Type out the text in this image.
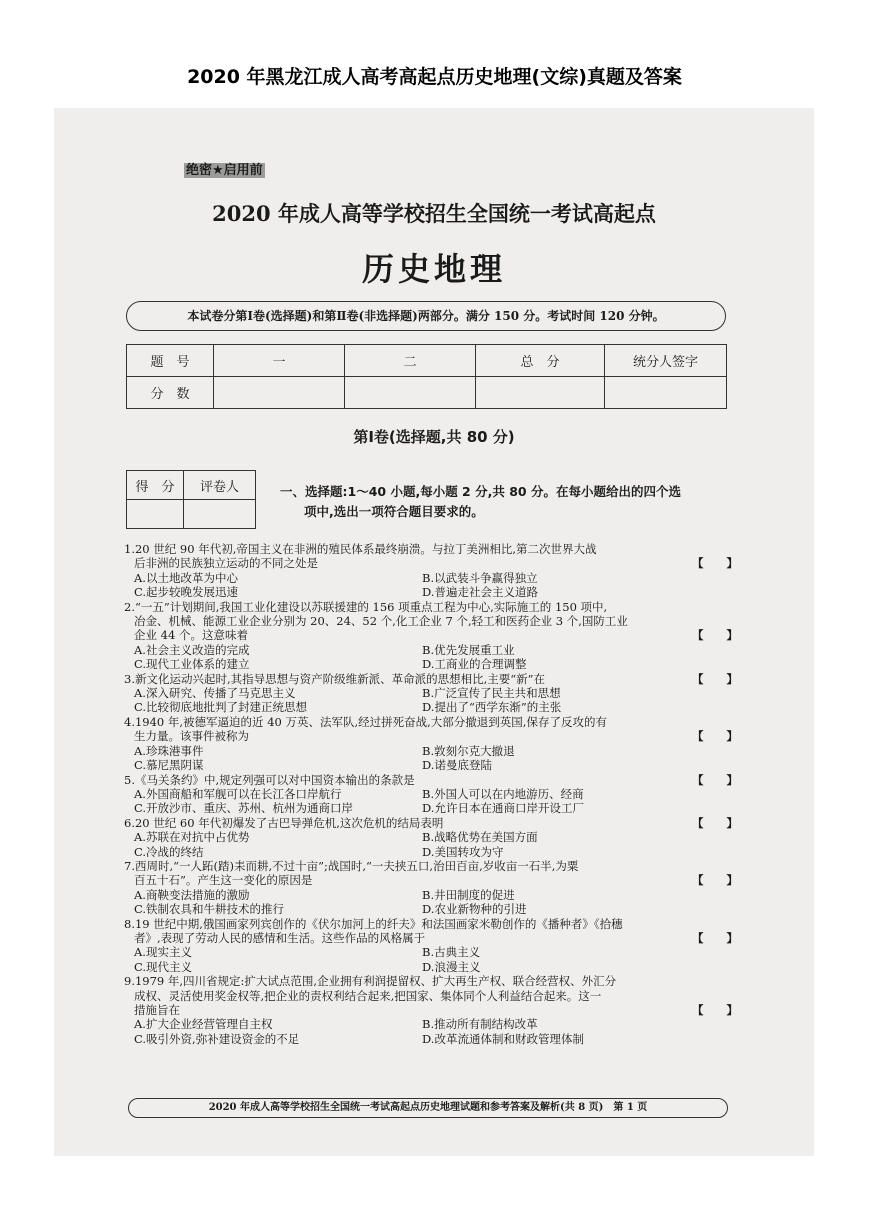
2020 年黑龙江成人高考高起点历史地理(文综)真题及答案
绝密★启用前
2020 年成人高等学校招生全国统一考试高起点
历史地理
本试卷分第Ⅰ卷(选择题)和第Ⅱ卷(非选择题)两部分。满分 150 分。考试时间 120 分钟。
题　号	一	二	总　分	统分人签字
分　数				
第Ⅰ卷(选择题,共 80 分)
得　分	评卷人
		一、选择题:1～40 小题,每小题 2 分,共 80 分。在每小题给出的四个选
项中,选出一项符合题目要求的。
1.20 世纪 90 年代初,帝国主义在非洲的殖民体系最终崩溃。与拉丁美洲相比,第二次世界大战
后非洲的民族独立运动的不同之处是	【　　】
A.以土地改革为中心	B.以武装斗争赢得独立
C.起步较晚发展迅速	D.普遍走社会主义道路
2.“一五”计划期间,我国工业化建设以苏联援建的 156 项重点工程为中心,实际施工的 150 项中,
冶金、机械、能源工业企业分别为 20、24、52 个,化工企业 7 个,轻工和医药企业 3 个,国防工业
企业 44 个。这意味着	【　　】
A.社会主义改造的完成	B.优先发展重工业
C.现代工业体系的建立	D.工商业的合理调整
3.新文化运动兴起时,其指导思想与资产阶级维新派、革命派的思想相比,主要“新”在	【　　】
A.深入研究、传播了马克思主义	B.广泛宣传了民主共和思想
C.比较彻底地批判了封建正统思想	D.提出了“西学东渐”的主张
4.1940 年,被德军逼迫的近 40 万英、法军队,经过拼死奋战,大部分撤退到英国,保存了反攻的有
生力量。该事件被称为	【　　】
A.珍珠港事件	B.敦刻尔克大撤退
C.慕尼黑阴谋	D.诺曼底登陆
5.《马关条约》中,规定列强可以对中国资本输出的条款是	【　　】
A.外国商船和军舰可以在长江各口岸航行	B.外国人可以在内地游历、经商
C.开放沙市、重庆、苏州、杭州为通商口岸	D.允许日本在通商口岸开设工厂
6.20 世纪 60 年代初爆发了古巴导弹危机,这次危机的结局表明	【　　】
A.苏联在对抗中占优势	B.战略优势在美国方面
C.冷战的终结	D.美国转攻为守
7.西周时,“一人跖(踏)耒而耕,不过十亩”;战国时,“一夫挟五口,治田百亩,岁收亩一石半,为粟
百五十石”。产生这一变化的原因是	【　　】
A.商鞅变法措施的激励	B.井田制度的促进
C.铁制农具和牛耕技术的推行	D.农业新物种的引进
8.19 世纪中期,俄国画家列宾创作的《伏尔加河上的纤夫》和法国画家米勒创作的《播种者》《拾穗
者》,表现了劳动人民的感情和生活。这些作品的风格属于	【　　】
A.现实主义	B.古典主义
C.现代主义	D.浪漫主义
9.1979 年,四川省规定:扩大试点范围,企业拥有利润提留权、扩大再生产权、联合经营权、外汇分
成权、灵活使用奖金权等,把企业的责权利结合起来,把国家、集体同个人利益结合起来。这一
措施旨在	【　　】
A.扩大企业经营管理自主权	B.推动所有制结构改革
C.吸引外资,弥补建设资金的不足	D.改革流通体制和财政管理体制
2020 年成人高等学校招生全国统一考试高起点历史地理试题和参考答案及解析(共 8 页)　第 1 页
